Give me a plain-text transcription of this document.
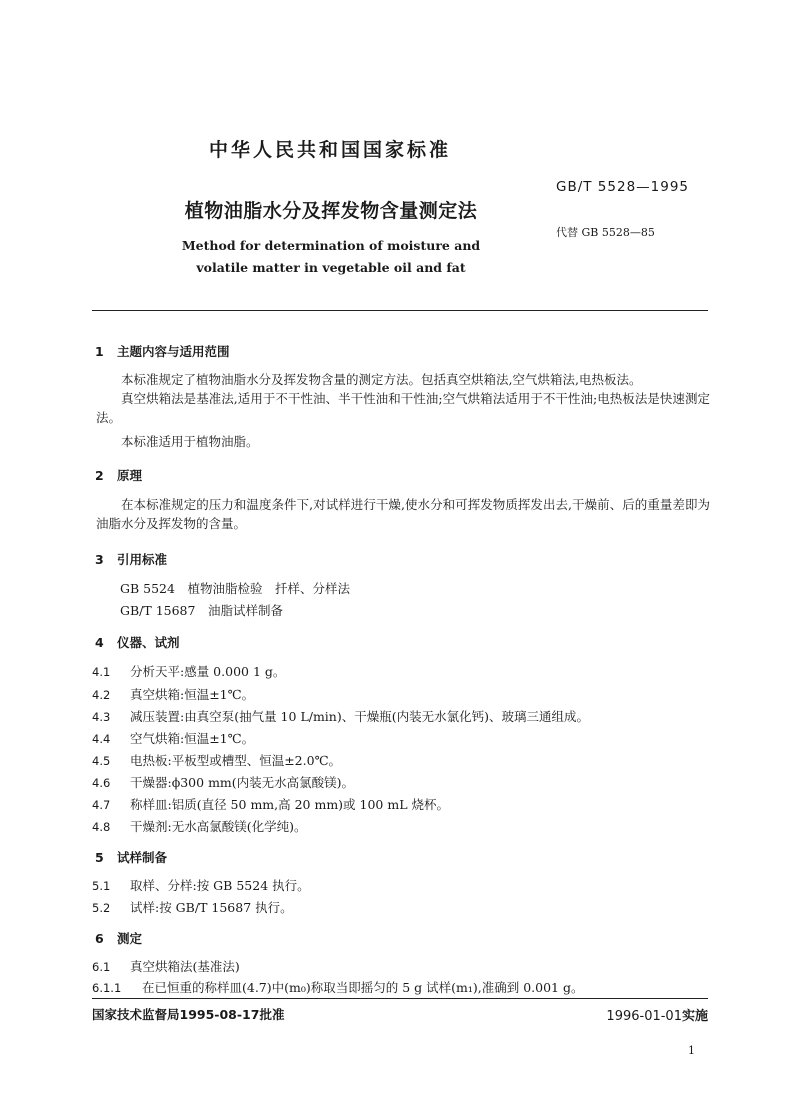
中华人民共和国国家标准
GB/T 5528—1995
植物油脂水分及挥发物含量测定法
代替 GB 5528—85
Method for determination of moisture and
volatile matter in vegetable oil and fat
1 主题内容与适用范围
本标准规定了植物油脂水分及挥发物含量的测定方法。包括真空烘箱法,空气烘箱法,电热板法。
真空烘箱法是基准法,适用于不干性油、半干性油和干性油;空气烘箱法适用于不干性油;电热板法是快速测定法。
本标准适用于植物油脂。
2 原理
在本标准规定的压力和温度条件下,对试样进行干燥,使水分和可挥发物质挥发出去,干燥前、后的重量差即为油脂水分及挥发物的含量。
3 引用标准
GB 5524　植物油脂检验　扦样、分样法
GB/T 15687　油脂试样制备
4 仪器、试剂
4.1 分析天平:感量 0.000 1 g。
4.2 真空烘箱:恒温±1℃。
4.3 减压装置:由真空泵(抽气量 10 L/min)、干燥瓶(内装无水氯化钙)、玻璃三通组成。
4.4 空气烘箱:恒温±1℃。
4.5 电热板:平板型或槽型、恒温±2.0℃。
4.6 干燥器:ϕ300 mm(内装无水高氯酸镁)。
4.7 称样皿:铝质(直径 50 mm,高 20 mm)或 100 mL 烧杯。
4.8 干燥剂:无水高氯酸镁(化学纯)。
5 试样制备
5.1 取样、分样:按 GB 5524 执行。
5.2 试样:按 GB/T 15687 执行。
6 测定
6.1 真空烘箱法(基准法)
6.1.1 在已恒重的称样皿(4.7)中(m₀)称取当即摇匀的 5 g 试样(m₁),准确到 0.001 g。
国家技术监督局1995-08-17批准	1996-01-01实施
1
